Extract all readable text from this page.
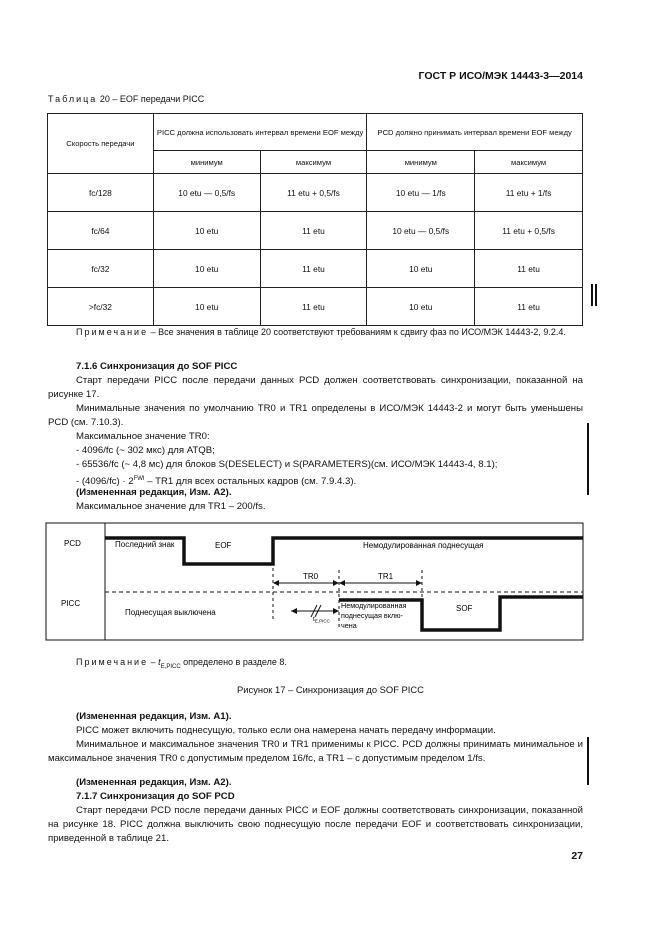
ГОСТ Р ИСО/МЭК 14443-3—2014
Таблица 20 – EOF передачи PICC
Скорость передачи	PICC должна использовать интервал времени EOF между		PCD должно принимать интервал времени EOF между	
	минимум	максимум	минимум	максимум
fc/128	10 etu — 0,5/fs	11 etu + 0,5/fs	10 etu — 1/fs	11 etu + 1/fs
fc/64	10 etu	11 etu	10 etu — 0,5/fs	11 etu + 0,5/fs
fc/32	10 etu	11 etu	10 etu	11 etu
>fc/32	10 etu	11 etu	10 etu	11 etu
Примечание – Все значения в таблице 20 соответствуют требованиям к сдвигу фаз по ИСО/МЭК 14443-2, 9.2.4.
7.1.6 Синхронизация до SOF PICC
Старт передачи PICC после передачи данных PCD должен соответствовать синхронизации, показанной на рисунке 17.
Минимальные значения по умолчанию TR0 и TR1 определены в ИСО/МЭК 14443-2 и могут быть уменьшены PCD (см. 7.10.3).
Максимальное значение TR0:
- 4096/fc (~ 302 мкс) для ATQB;
- 65536/fc (~ 4,8 мс) для блоков S(DESELECT) и S(PARAMETERS)(см. ИСО/МЭК 14443-4, 8.1);
- $(4096/fc) \cdot 2^{FWI} - TR1$ для всех остальных кадров (см. 7.9.4.3).
(Измененная редакция, Изм. A2).
Максимальное значение для TR1 – 200/fs.
PCD
PICC
Последний знак	EOF	Немодулированная поднесущая
TR0	TR1
Поднесущая выключена
$t_{E,PICC}$
Немодулированная
поднесущая вклю-
чена
SOF
Примечание – $t_{E,PICC}$ определено в разделе 8.
Рисунок 17 – Синхронизация до SOF PICC
(Измененная редакция, Изм. A1).
PICC может включить поднесущую, только если она намерена начать передачу информации.
Минимальное и максимальное значения TR0 и TR1 применимы к PICC. PCD должны принимать минимальное и максимальное значения TR0 с допустимым пределом 16/fc, а TR1 – с допустимым пределом 1/fs.
(Измененная редакция, Изм. A2).
7.1.7 Синхронизация до SOF PCD
Старт передачи PCD после передачи данных PICC и EOF должны соответствовать синхронизации, показанной на рисунке 18. PICC должна выключить свою поднесущую после передачи EOF и соответствовать синхронизации, приведенной в таблице 21.
27
